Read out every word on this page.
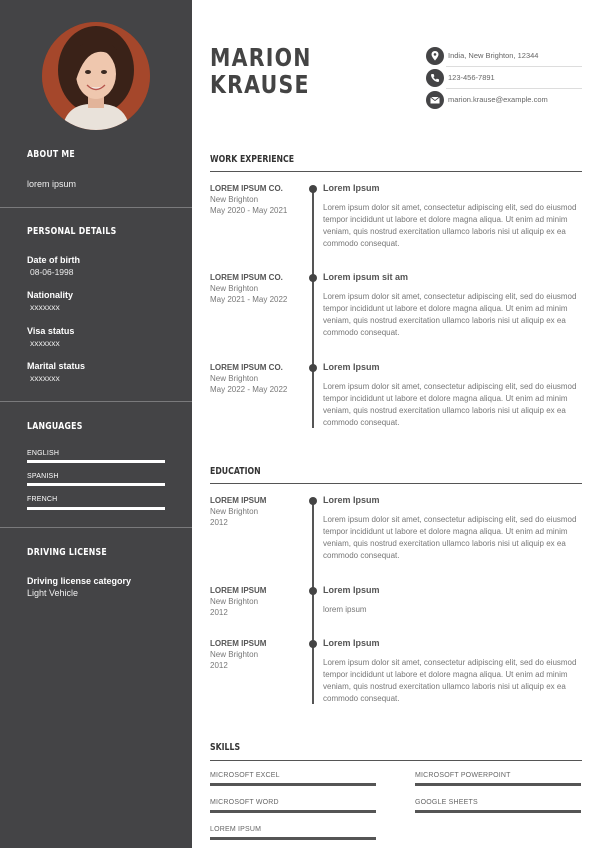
ABOUT ME
lorem ipsum
PERSONAL DETAILS
Date of birth
08-06-1998
Nationality
xxxxxxx
Visa status
xxxxxxx
Marital status
xxxxxxx
LANGUAGES
ENGLISH
SPANISH
FRENCH
DRIVING LICENSE
Driving license category
Light Vehicle
MARION
KRAUSE
India, New Brighton, 12344
123-456-7891
marion.krause@example.com
WORK EXPERIENCE
LOREM IPSUM CO.
New Brighton
May 2020 - May 2021
Lorem Ipsum
Lorem ipsum dolor sit amet, consectetur adipiscing elit, sed do eiusmod tempor incididunt ut labore et dolore magna aliqua. Ut enim ad minim veniam, quis nostrud exercitation ullamco laboris nisi ut aliquip ex ea commodo consequat.
LOREM IPSUM CO.
New Brighton
May 2021 - May 2022
Lorem ipsum sit am
Lorem ipsum dolor sit amet, consectetur adipiscing elit, sed do eiusmod tempor incididunt ut labore et dolore magna aliqua. Ut enim ad minim veniam, quis nostrud exercitation ullamco laboris nisi ut aliquip ex ea commodo consequat.
LOREM IPSUM CO.
New Brighton
May 2022 - May 2022
Lorem Ipsum
Lorem ipsum dolor sit amet, consectetur adipiscing elit, sed do eiusmod tempor incididunt ut labore et dolore magna aliqua. Ut enim ad minim veniam, quis nostrud exercitation ullamco laboris nisi ut aliquip ex ea commodo consequat.
EDUCATION
LOREM IPSUM
New Brighton
2012
Lorem Ipsum
Lorem ipsum dolor sit amet, consectetur adipiscing elit, sed do eiusmod tempor incididunt ut labore et dolore magna aliqua. Ut enim ad minim veniam, quis nostrud exercitation ullamco laboris nisi ut aliquip ex ea commodo consequat.
LOREM IPSUM
New Brighton
2012
Lorem Ipsum
lorem ipsum
LOREM IPSUM
New Brighton
2012
Lorem Ipsum
Lorem ipsum dolor sit amet, consectetur adipiscing elit, sed do eiusmod tempor incididunt ut labore et dolore magna aliqua. Ut enim ad minim veniam, quis nostrud exercitation ullamco laboris nisi ut aliquip ex ea commodo consequat.
SKILLS
MICROSOFT EXCEL	MICROSOFT POWERPOINT
MICROSOFT WORD	GOOGLE SHEETS
LOREM IPSUM
